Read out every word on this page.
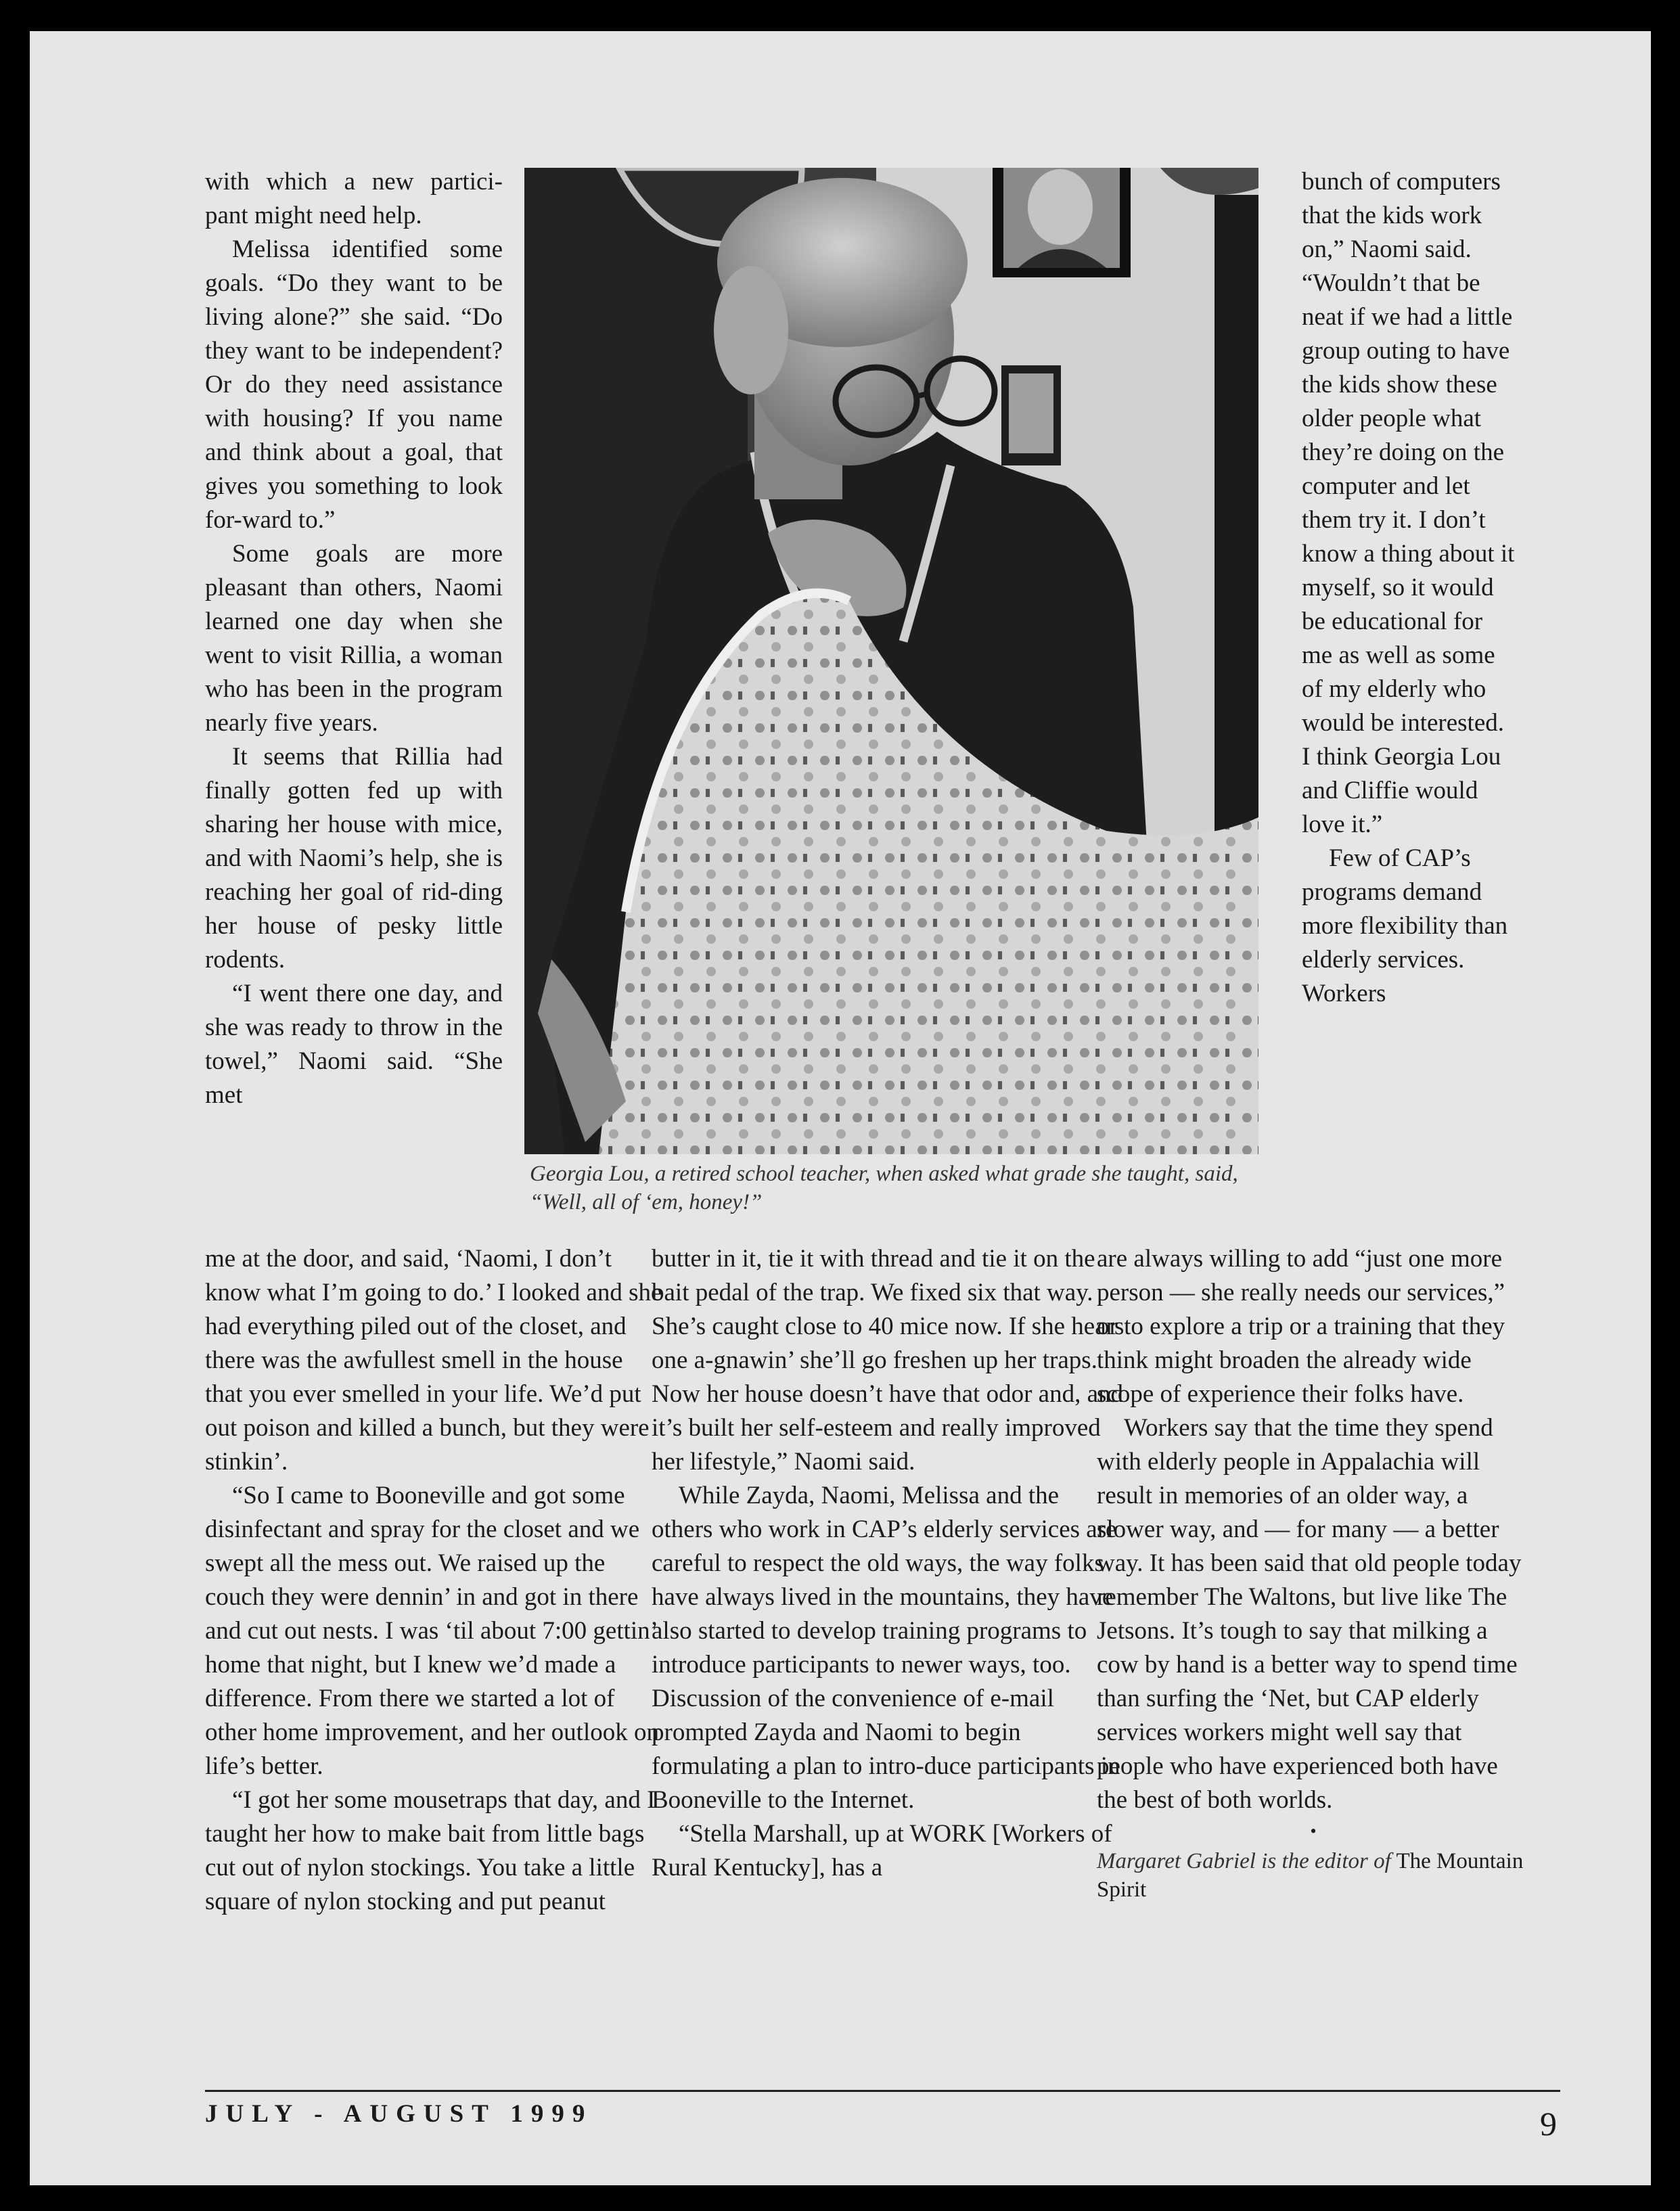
with which a new partici-pant might need help.

Melissa identified some goals. “Do they want to be living alone?” she said. “Do they want to be independent? Or do they need assistance with housing? If you name and think about a goal, that gives you something to look for-ward to.”

Some goals are more pleasant than others, Naomi learned one day when she went to visit Rillia, a woman who has been in the program nearly five years.

It seems that Rillia had finally gotten fed up with sharing her house with mice, and with Naomi’s help, she is reaching her goal of rid-ding her house of pesky little rodents.

“I went there one day, and she was ready to throw in the towel,” Naomi said. “She met

me at the door, and said, ‘Naomi, I don’t know what I’m going to do.’ I looked and she had everything piled out of the closet, and there was the awfullest smell in the house that you ever smelled in your life. We’d put out poison and killed a bunch, but they were stinkin’.

“So I came to Booneville and got some disinfectant and spray for the closet and we swept all the mess out. We raised up the couch they were dennin’ in and got in there and cut out nests. I was ‘til about 7:00 gettin’ home that night, but I knew we’d made a difference. From there we started a lot of other home improvement, and her outlook on life’s better.

“I got her some mousetraps that day, and I taught her how to make bait from little bags cut out of nylon stockings. You take a little square of nylon stocking and put peanut

butter in it, tie it with thread and tie it on the bait pedal of the trap. We fixed six that way. She’s caught close to 40 mice now. If she hears one a-gnawin’ she’ll go freshen up her traps. Now her house doesn’t have that odor and, and it’s built her self-esteem and really improved her lifestyle,” Naomi said.

While Zayda, Naomi, Melissa and the others who work in CAP’s elderly services are careful to respect the old ways, the way folks have always lived in the mountains, they have also started to develop training programs to introduce participants to newer ways, too. Discussion of the convenience of e-mail prompted Zayda and Naomi to begin formulating a plan to intro-duce participants in Booneville to the Internet.

“Stella Marshall, up at WORK [Workers of Rural Kentucky], has a

bunch of computers that the kids work on,” Naomi said. “Wouldn’t that be neat if we had a little group outing to have the kids show these older people what they’re doing on the computer and let them try it. I don’t know a thing about it myself, so it would be educational for me as well as some of my elderly who would be interested. I think Georgia Lou and Cliffie would love it.”

Few of CAP’s programs demand more flexibility than elderly services. Workers

are always willing to add “just one more person — she really needs our services,” or to explore a trip or a training that they think might broaden the already wide scope of experience their folks have.

Workers say that the time they spend with elderly people in Appalachia will result in memories of an older way, a slower way, and — for many — a better way. It has been said that old people today remember The Waltons, but live like The Jetsons. It’s tough to say that milking a cow by hand is a better way to spend time than surfing the ‘Net, but CAP elderly services workers might well say that people who have experienced both have the best of both worlds.

•
Margaret Gabriel is the editor of The Mountain Spirit
Georgia Lou, a retired school teacher, when asked what grade she taught, said, “Well, all of ‘em, honey!”
JULY - AUGUST 1999	9
